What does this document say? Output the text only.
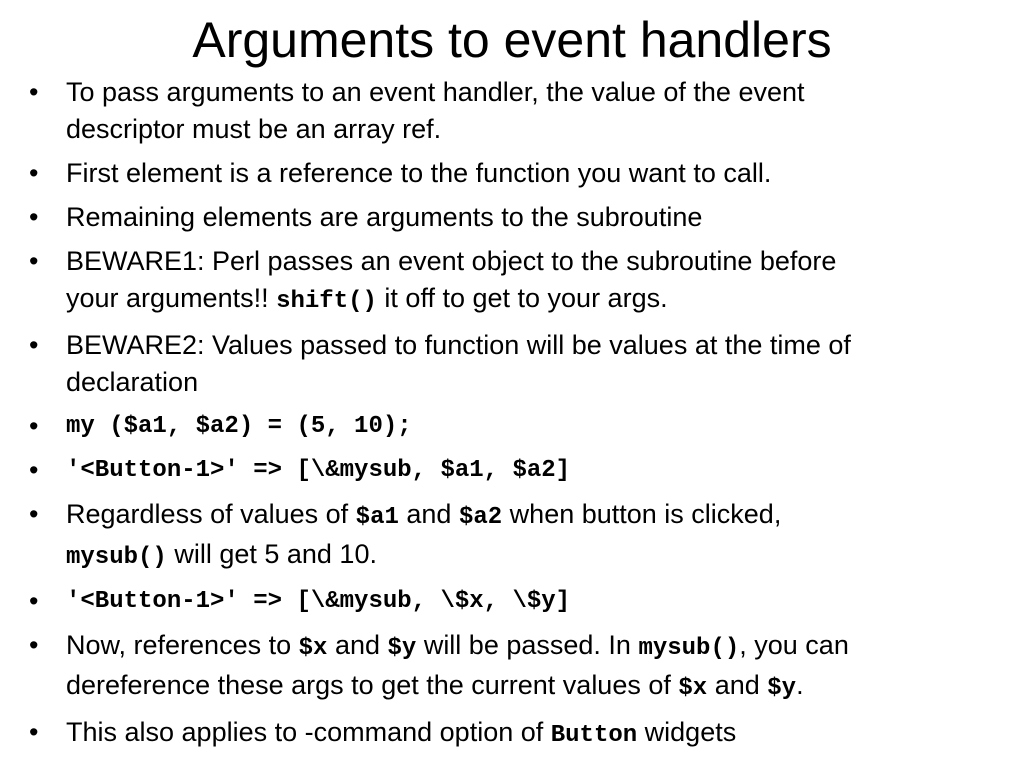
Arguments to event handlers
• To pass arguments to an event handler, the value of the event
descriptor must be an array ref.
• First element is a reference to the function you want to call.
• Remaining elements are arguments to the subroutine
• BEWARE1: Perl passes an event object to the subroutine before
your arguments!! shift() it off to get to your args.
• BEWARE2: Values passed to function will be values at the time of
declaration
• my ($a1, $a2) = (5, 10);
• '<Button-1>' => [\&mysub, $a1, $a2]
• Regardless of values of $a1 and $a2 when button is clicked,
mysub() will get 5 and 10.
• '<Button-1>' => [\&mysub, \$x, \$y]
• Now, references to $x and $y will be passed. In mysub(), you can
dereference these args to get the current values of $x and $y.
• This also applies to -command option of Button widgets
